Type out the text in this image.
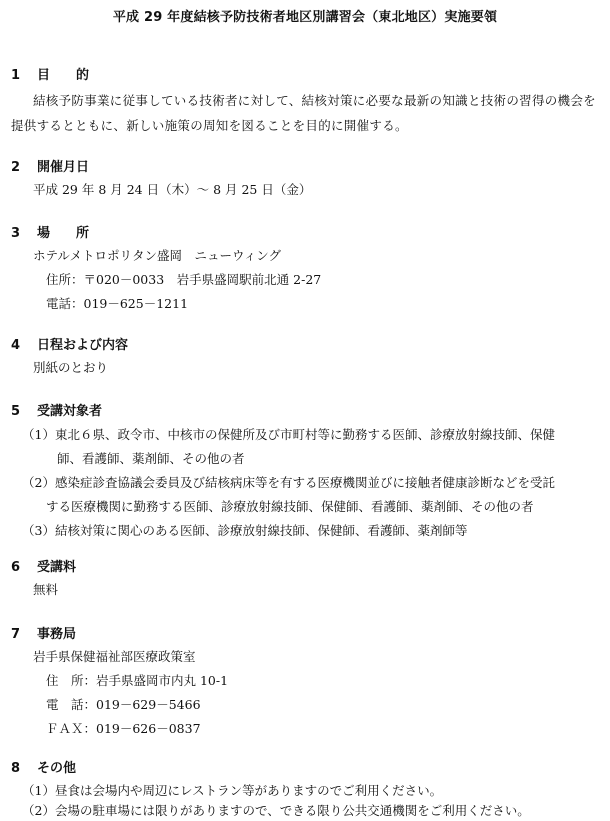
平成 29 年度結核予防技術者地区別講習会（東北地区）実施要領
1 目　　的
結核予防事業に従事している技術者に対して、結核対策に必要な最新の知識と技術の習得の機会を提供するとともに、新しい施策の周知を図ることを目的に開催する。
2 開催月日
平成 29 年 8 月 24 日（木）～ 8 月 25 日（金）
3 場　　所
ホテルメトロポリタン盛岡　ニューウィング
住所：〒020－0033　岩手県盛岡駅前北通 2-27
電話：019－625－1211
4 日程および内容
別紙のとおり
5 受講対象者
（1）東北６県、政令市、中核市の保健所及び市町村等に勤務する医師、診療放射線技師、保健
師、看護師、薬剤師、その他の者
（2）感染症診査協議会委員及び結核病床等を有する医療機関並びに接触者健康診断などを受託
する医療機関に勤務する医師、診療放射線技師、保健師、看護師、薬剤師、その他の者
（3）結核対策に関心のある医師、診療放射線技師、保健師、看護師、薬剤師等
6 受講料
無料
7 事務局
岩手県保健福祉部医療政策室
住　所：岩手県盛岡市内丸 10-1
電　話：019－629－5466
ＦＡＸ：019－626－0837
8 その他
（1）昼食は会場内や周辺にレストラン等がありますのでご利用ください。
（2）会場の駐車場には限りがありますので、できる限り公共交通機関をご利用ください。
